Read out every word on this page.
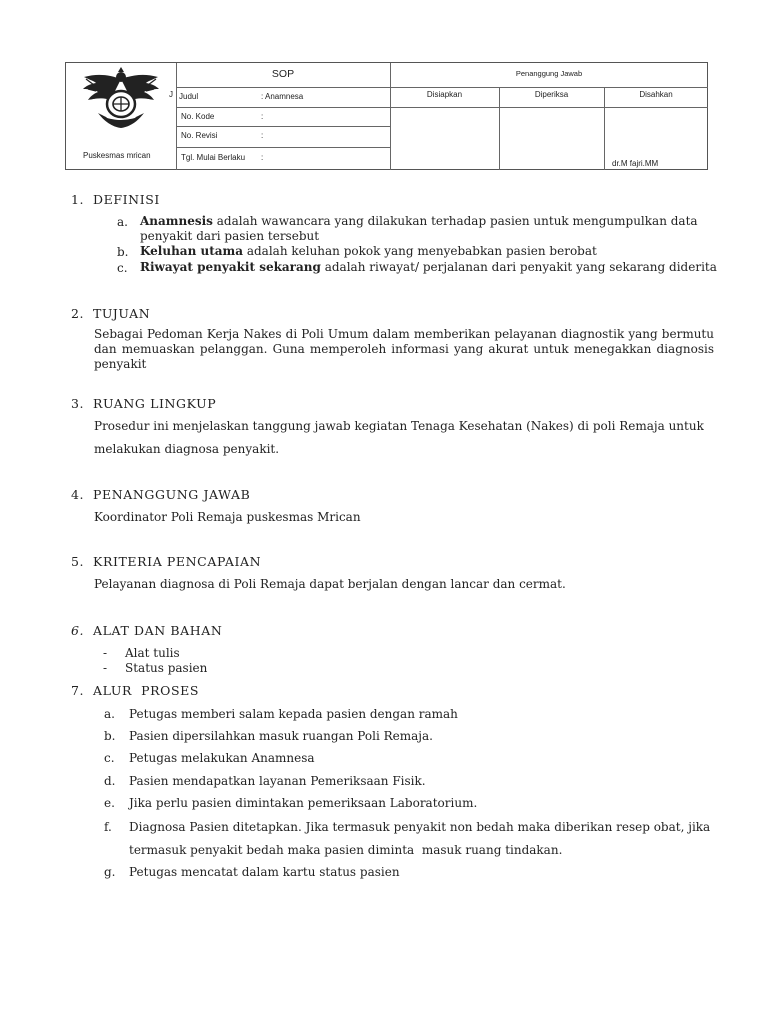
Puskesmas mrican
SOP	Penanggung Jawab
J Judul	: Anamnesa	Disiapkan	Diperiksa	Disahkan
No. Kode	:
No. Revisi	:
Tgl. Mulai Berlaku :
dr.M fajri.MM
1. DEFINISI
a. Anamnesis adalah wawancara yang dilakukan terhadap pasien untuk mengumpulkan data
penyakit dari pasien tersebut
b. Keluhan utama adalah keluhan pokok yang menyebabkan pasien berobat
c. Riwayat penyakit sekarang adalah riwayat/ perjalanan dari penyakit yang sekarang diderita
2. TUJUAN
Sebagai Pedoman Kerja Nakes di Poli Umum dalam memberikan pelayanan diagnostik yang bermutu dan memuaskan pelanggan. Guna memperoleh informasi yang akurat untuk menegakkan diagnosis penyakit
3. RUANG LINGKUP
Prosedur ini menjelaskan tanggung jawab kegiatan Tenaga Kesehatan (Nakes) di poli Remaja untuk
melakukan diagnosa penyakit.
4. PENANGGUNG JAWAB
Koordinator Poli Remaja puskesmas Mrican
5. KRITERIA PENCAPAIAN
Pelayanan diagnosa di Poli Remaja dapat berjalan dengan lancar dan cermat.
6. ALAT DAN BAHAN
- Alat tulis
- Status pasien
7. ALUR  PROSES
a. Petugas memberi salam kepada pasien dengan ramah
b. Pasien dipersilahkan masuk ruangan Poli Remaja.
c. Petugas melakukan Anamnesa
d. Pasien mendapatkan layanan Pemeriksaan Fisik.
e. Jika perlu pasien dimintakan pemeriksaan Laboratorium.
f. Diagnosa Pasien ditetapkan. Jika termasuk penyakit non bedah maka diberikan resep obat, jika
termasuk penyakit bedah maka pasien diminta  masuk ruang tindakan.
g. Petugas mencatat dalam kartu status pasien
